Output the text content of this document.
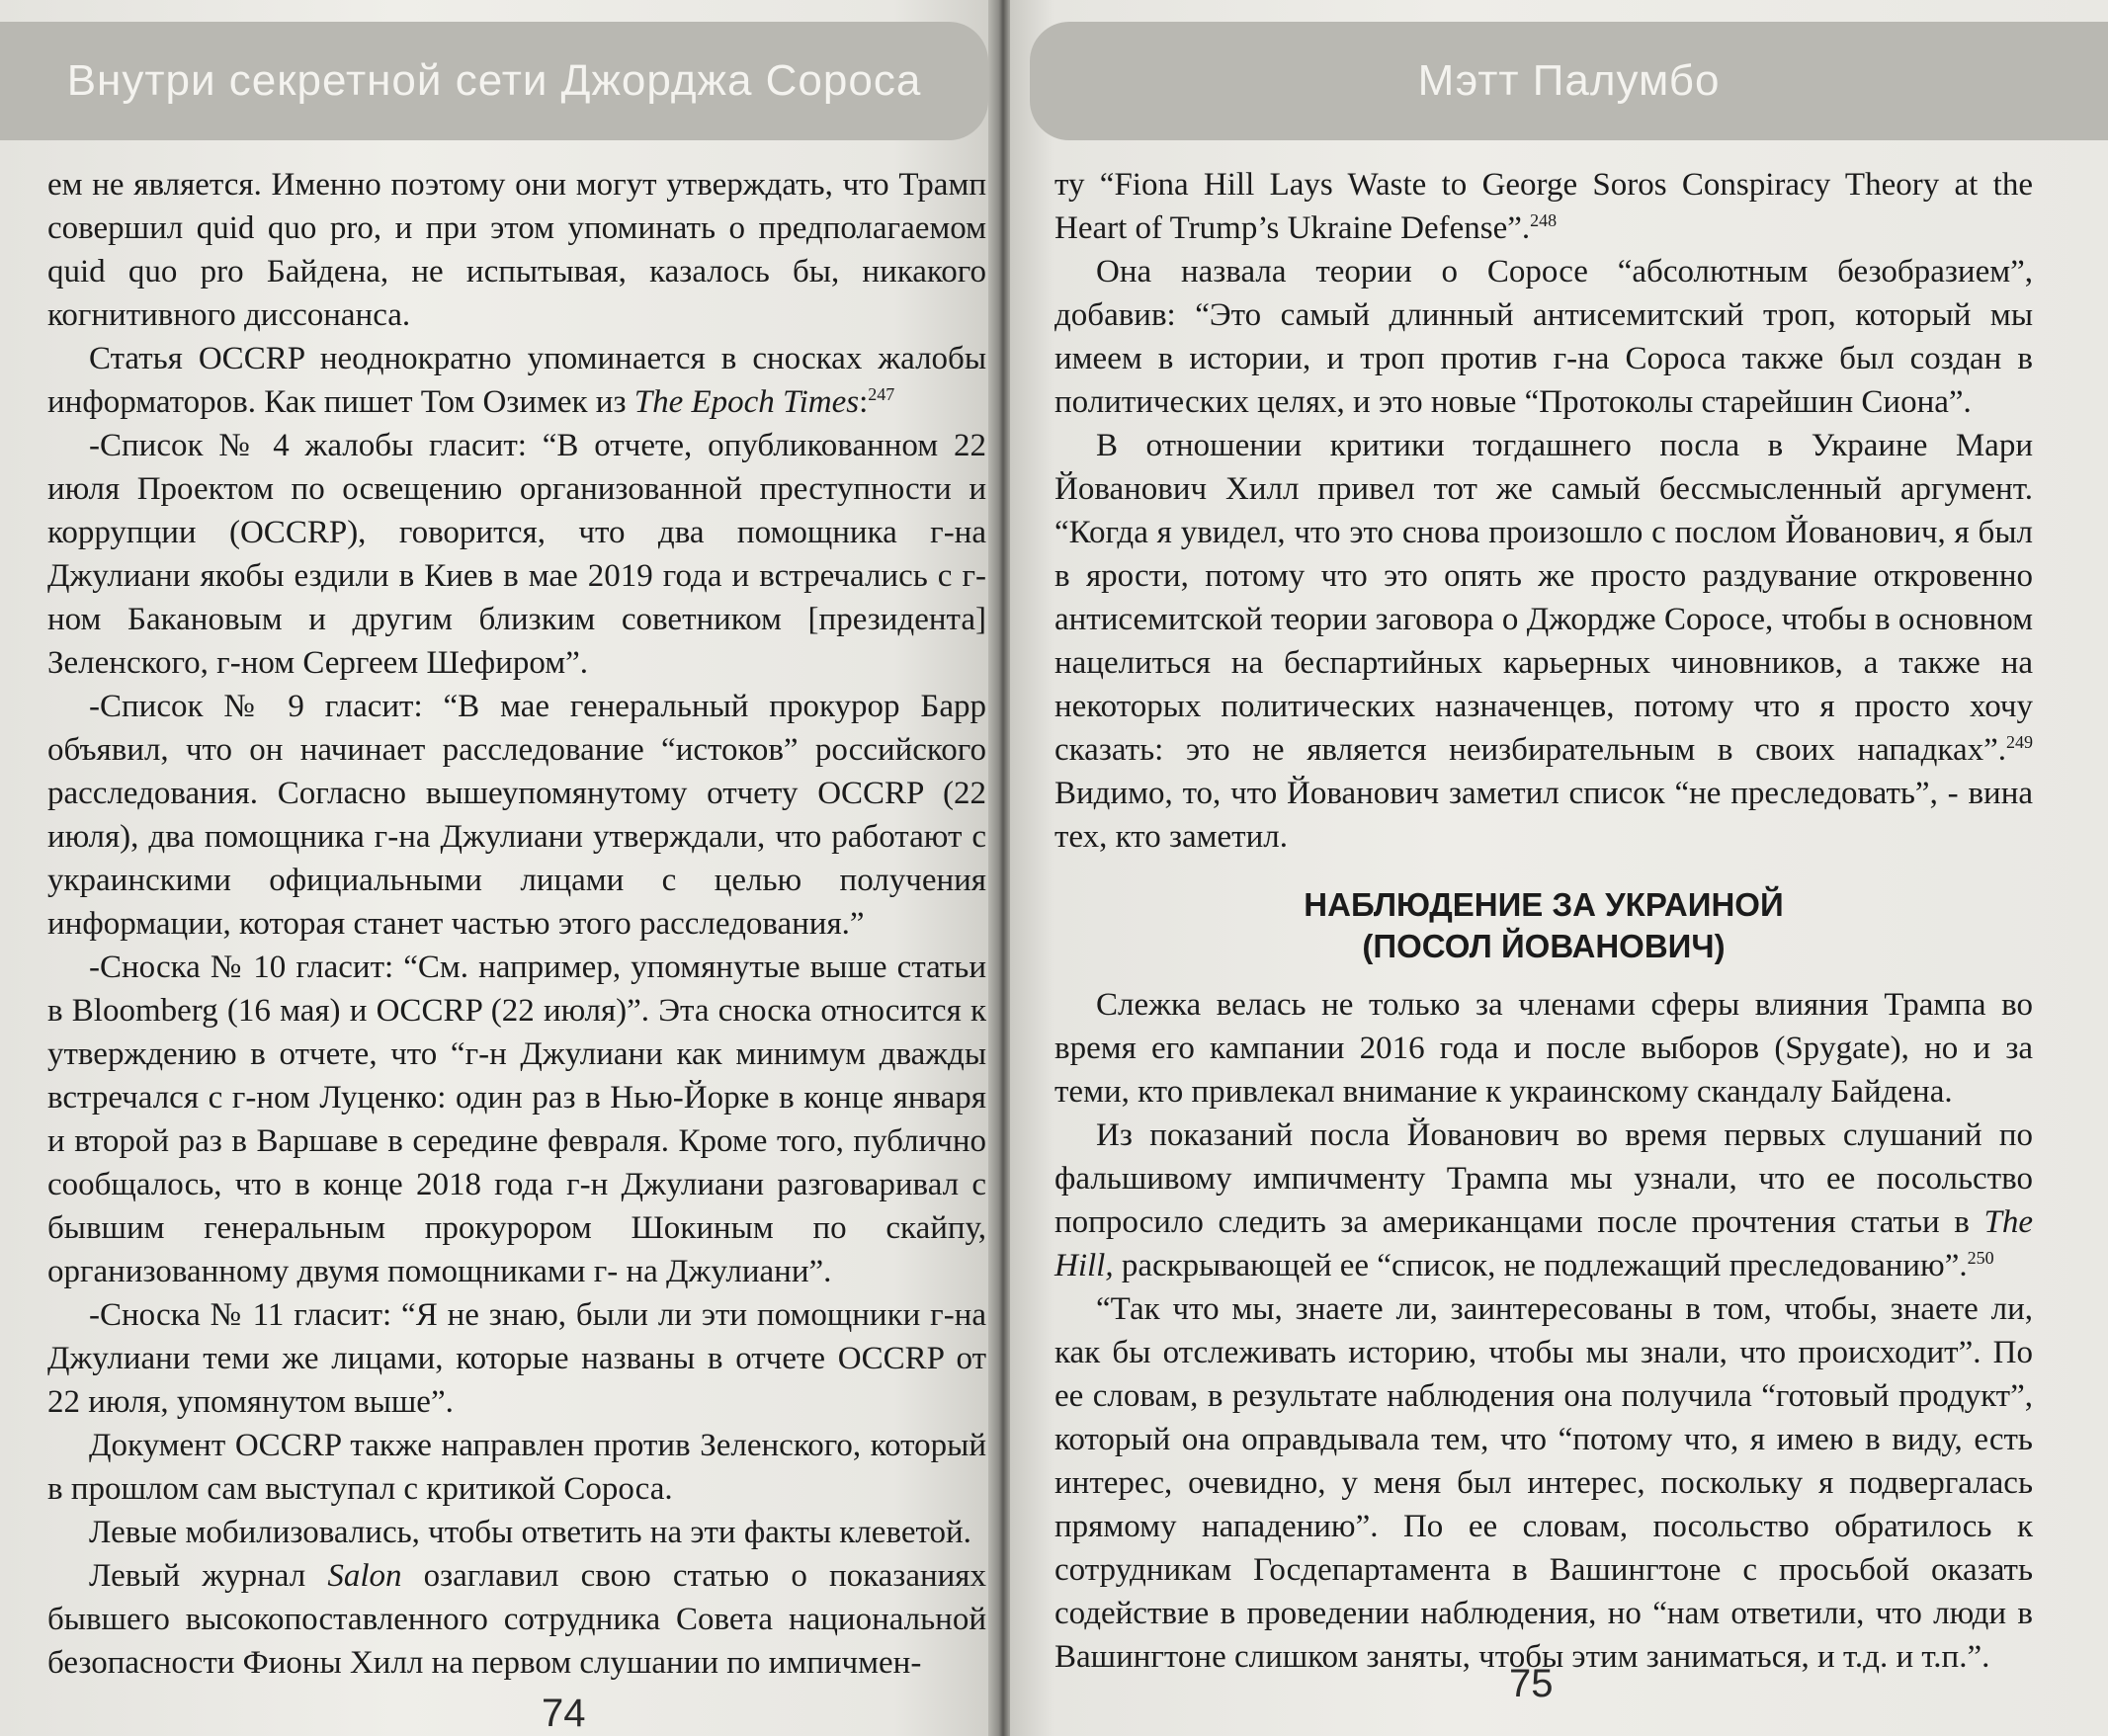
Внутри секретной сети Джорджа Сороса

ем не является. Именно поэтому они могут утверждать, что Трамп совершил quid quo pro, и при этом упоминать о предполагаемом quid quo pro Байдена, не испытывая, казалось бы, никакого когнитивного диссонанса.

Статья OCCRP неоднократно упоминается в сносках жалобы информаторов. Как пишет Том Озимек из The Epoch Times:$^{247}$

-Список № 4 жалобы гласит: “В отчете, опубликованном 22 июля Проектом по освещению организованной преступности и коррупции (OCCRP), говорится, что два помощника г-на Джулиани якобы ездили в Киев в мае 2019 года и встречались с г-ном Бакановым и другим близким советником [президента] Зеленского, г-ном Сергеем Шефиром”.

-Список № 9 гласит: “В мае генеральный прокурор Барр объявил, что он начинает расследование “истоков” российского расследования. Согласно вышеупомянутому отчету OCCRP (22 июля), два помощника г-на Джулиани утверждали, что работают с украинскими официальными лицами с целью получения информации, которая станет частью этого расследования.”

-Сноска № 10 гласит: “См. например, упомянутые выше статьи в Bloomberg (16 мая) и OCCRP (22 июля)”. Эта сноска относится к утверждению в отчете, что “г-н Джулиани как минимум дважды встречался с г-ном Луценко: один раз в Нью-Йорке в конце января и второй раз в Варшаве в середине февраля. Кроме того, публично сообщалось, что в конце 2018 года г-н Джулиани разговаривал с бывшим генеральным прокурором Шокиным по скайпу, организованному двумя помощниками г- на Джулиани”.

-Сноска № 11 гласит: “Я не знаю, были ли эти помощники г-на Джулиани теми же лицами, которые названы в отчете OCCRP от 22 июля, упомянутом выше”.

Документ OCCRP также направлен против Зеленского, который в прошлом сам выступал с критикой Сороса.

Левые мобилизовались, чтобы ответить на эти факты клеветой.

Левый журнал Salon озаглавил свою статью о показаниях бывшего высокопоставленного сотрудника Совета национальной безопасности Фионы Хилл на первом слушании по импичмен-

74
Мэтт Палумбо

ту “Fiona Hill Lays Waste to George Soros Conspiracy Theory at the Heart of Trump’s Ukraine Defense”.$^{248}$

Она назвала теории о Соросе “абсолютным безобразием”, добавив: “Это самый длинный антисемитский троп, который мы имеем в истории, и троп против г-на Сороса также был создан в политических целях, и это новые “Протоколы старейшин Сиона”.

В отношении критики тогдашнего посла в Украине Мари Йованович Хилл привел тот же самый бессмысленный аргумент. “Когда я увидел, что это снова произошло с послом Йованович, я был в ярости, потому что это опять же просто раздувание откровенно антисемитской теории заговора о Джордже Соросе, чтобы в основном нацелиться на беспартийных карьерных чиновников, а также на некоторых политических назначенцев, потому что я просто хочу сказать: это не является неизбирательным в своих нападках”.$^{249}$ Видимо, то, что Йованович заметил список “не преследовать”, - вина тех, кто заметил.

НАБЛЮДЕНИЕ ЗА УКРАИНОЙ
(ПОСОЛ ЙОВАНОВИЧ)

Слежка велась не только за членами сферы влияния Трампа во время его кампании 2016 года и после выборов (Spygate), но и за теми, кто привлекал внимание к украинскому скандалу Байдена.

Из показаний посла Йованович во время первых слушаний по фальшивому импичменту Трампа мы узнали, что ее посольство попросило следить за американцами после прочтения статьи в The Hill, раскрывающей ее “список, не подлежащий преследованию”.$^{250}$

“Так что мы, знаете ли, заинтересованы в том, чтобы, знаете ли, как бы отслеживать историю, чтобы мы знали, что происходит”. По ее словам, в результате наблюдения она получила “готовый продукт”, который она оправдывала тем, что “потому что, я имею в виду, есть интерес, очевидно, у меня был интерес, поскольку я подвергалась прямому нападению”. По ее словам, посольство обратилось к сотрудникам Госдепартамента в Вашингтоне с просьбой оказать содействие в проведении наблюдения, но “нам ответили, что люди в Вашингтоне слишком заняты, чтобы этим заниматься, и т.д. и т.п.”.

75
